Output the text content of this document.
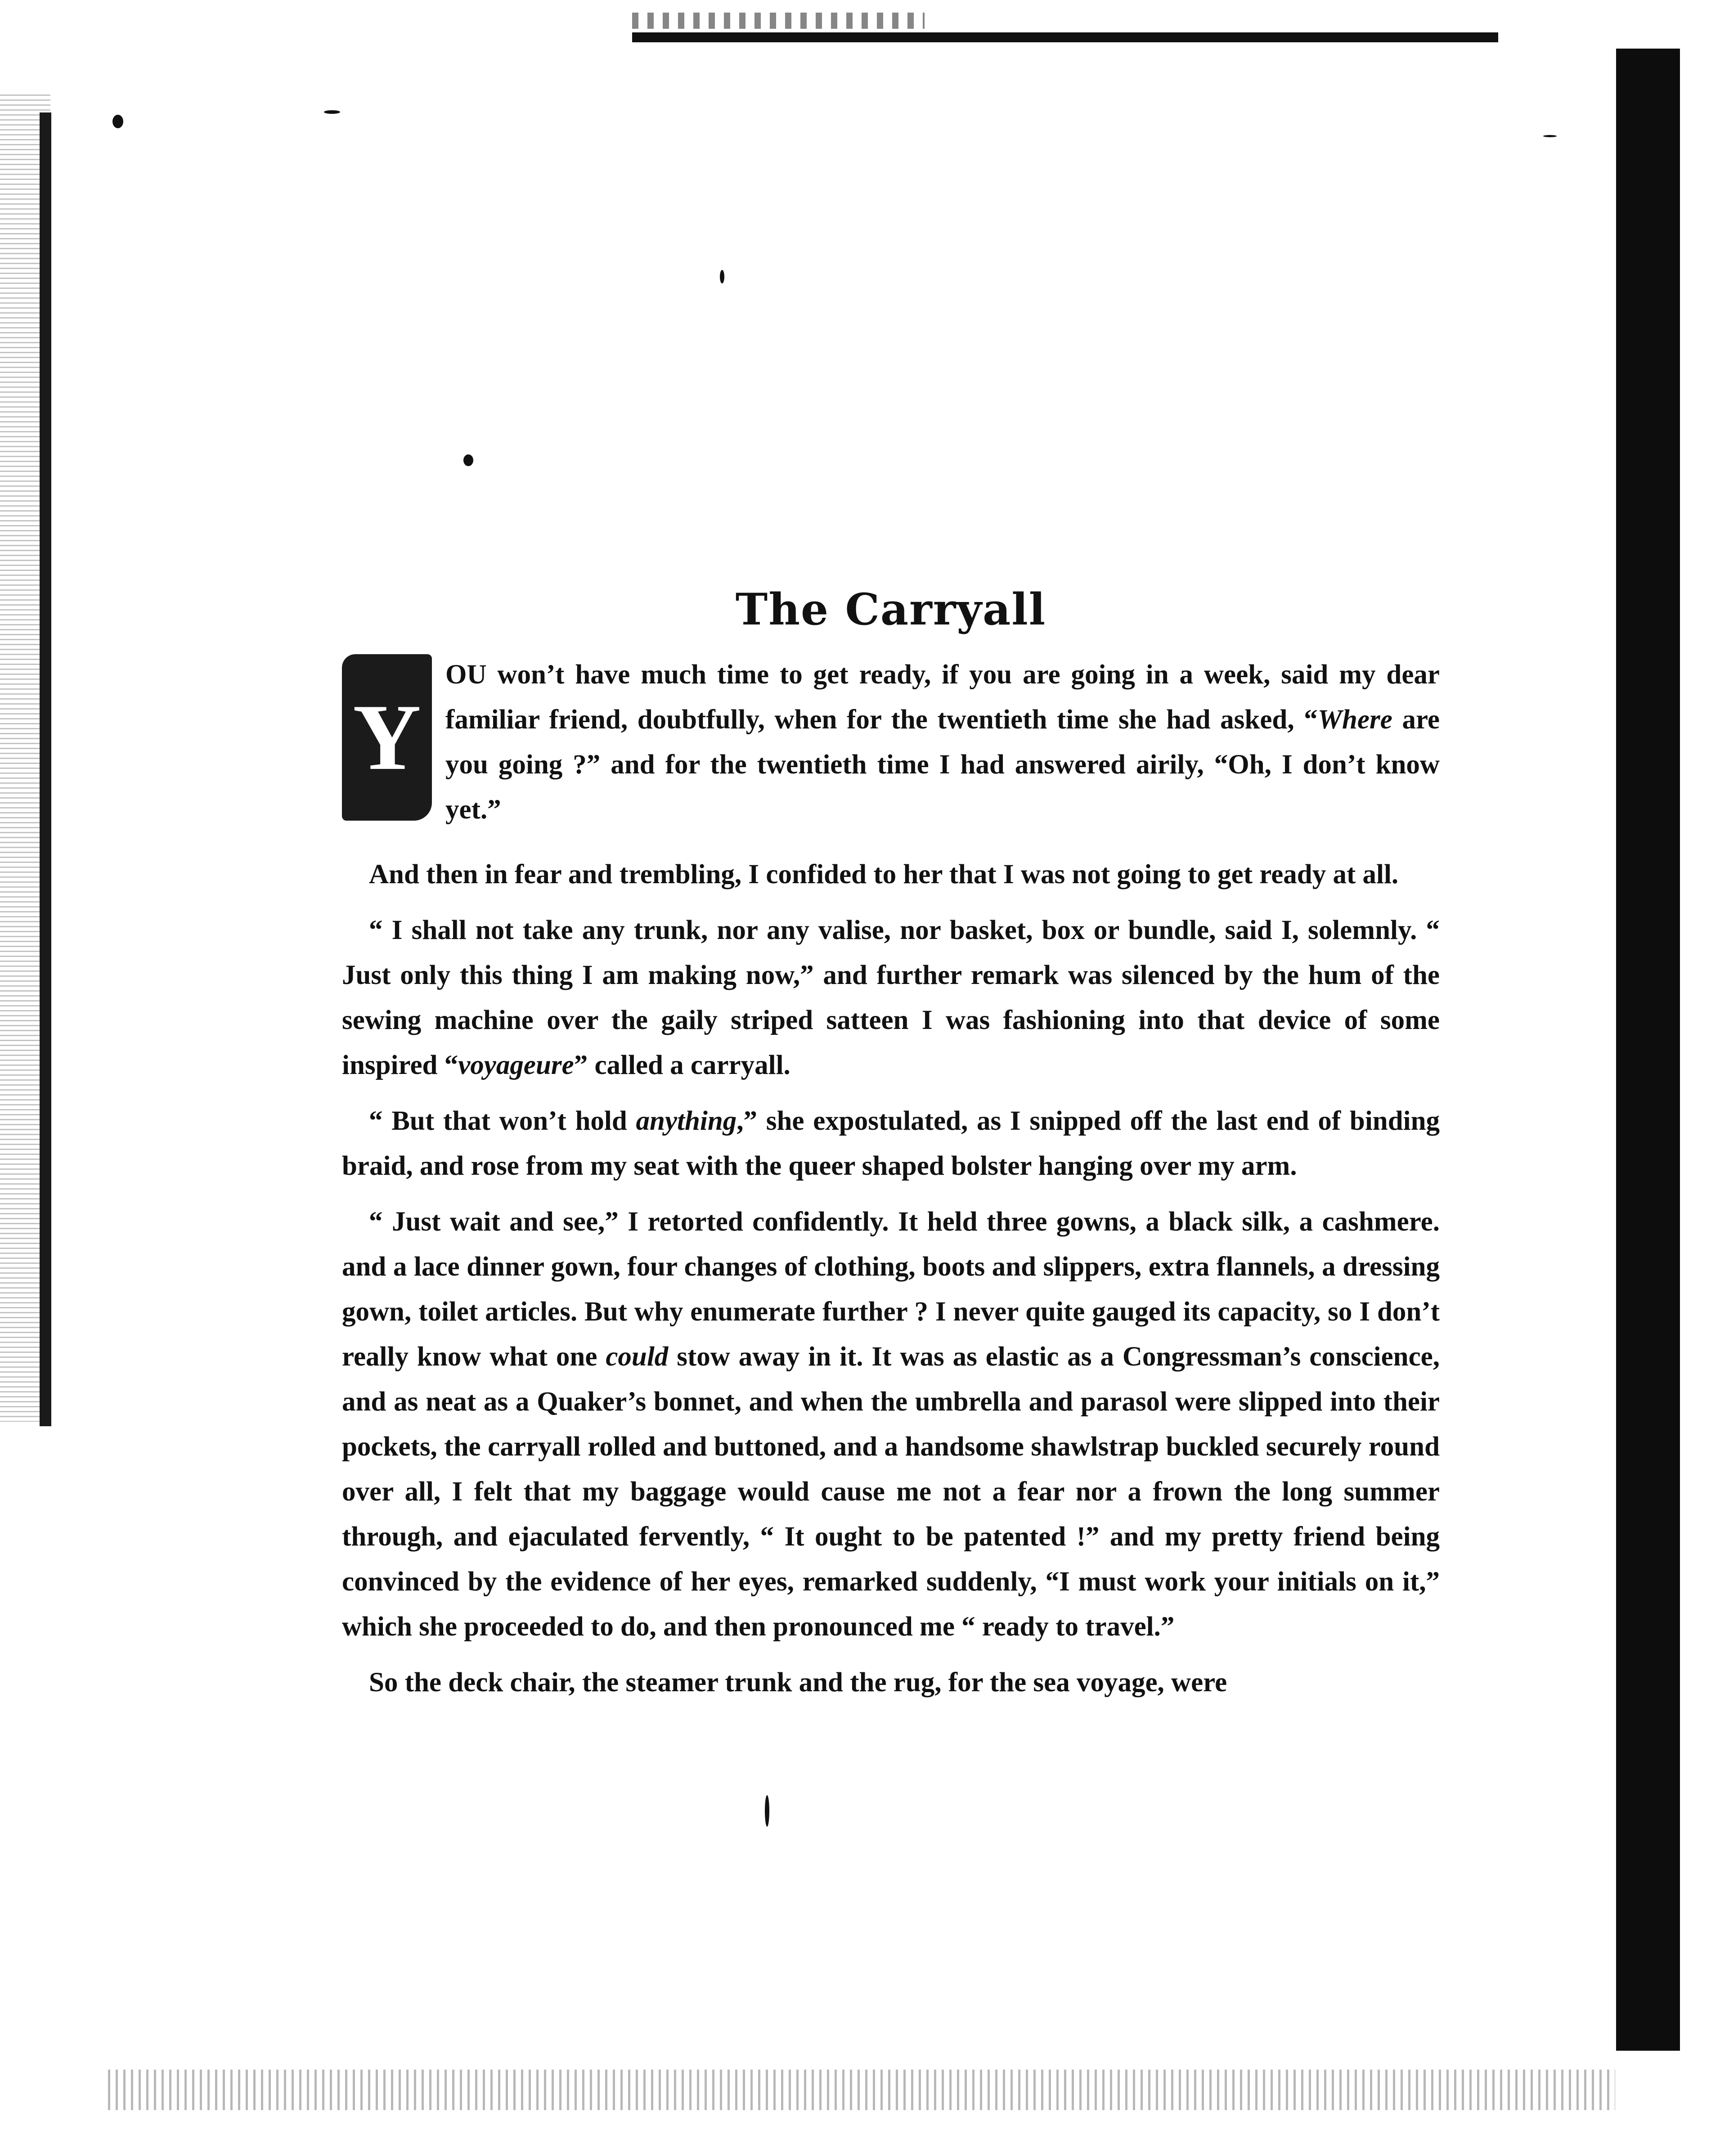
The Carryall

Y
OU won’t have much time to get ready, if you are going in a week, said my dear familiar friend, doubtfully, when for the twentieth time she had asked, “Where are you going ?” and for the twentieth time I had answered airily, “Oh, I don’t know yet.”

And then in fear and trembling, I confided to her that I was not going to get ready at all.

“ I shall not take any trunk, nor any valise, nor basket, box or bundle, said I, solemnly. “ Just only this thing I am making now,” and further remark was silenced by the hum of the sewing machine over the gaily striped satteen I was fashioning into that device of some inspired “voyageure” called a carryall.

“ But that won’t hold anything,” she expostulated, as I snipped off the last end of binding braid, and rose from my seat with the queer shaped bolster hanging over my arm.

“ Just wait and see,” I retorted confidently. It held three gowns, a black silk, a cashmere. and a lace dinner gown, four changes of clothing, boots and slippers, extra flannels, a dressing gown, toilet articles. But why enumerate further ? I never quite gauged its capacity, so I don’t really know what one could stow away in it. It was as elastic as a Congressman’s conscience, and as neat as a Quaker’s bonnet, and when the umbrella and parasol were slipped into their pockets, the carryall rolled and buttoned, and a handsome shawlstrap buckled securely round over all, I felt that my baggage would cause me not a fear nor a frown the long summer through, and ejaculated fervently, “ It ought to be patented !” and my pretty friend being convinced by the evidence of her eyes, remarked suddenly, “I must work your initials on it,” which she proceeded to do, and then pronounced me “ ready to travel.”

So the deck chair, the steamer trunk and the rug, for the sea voyage, were
